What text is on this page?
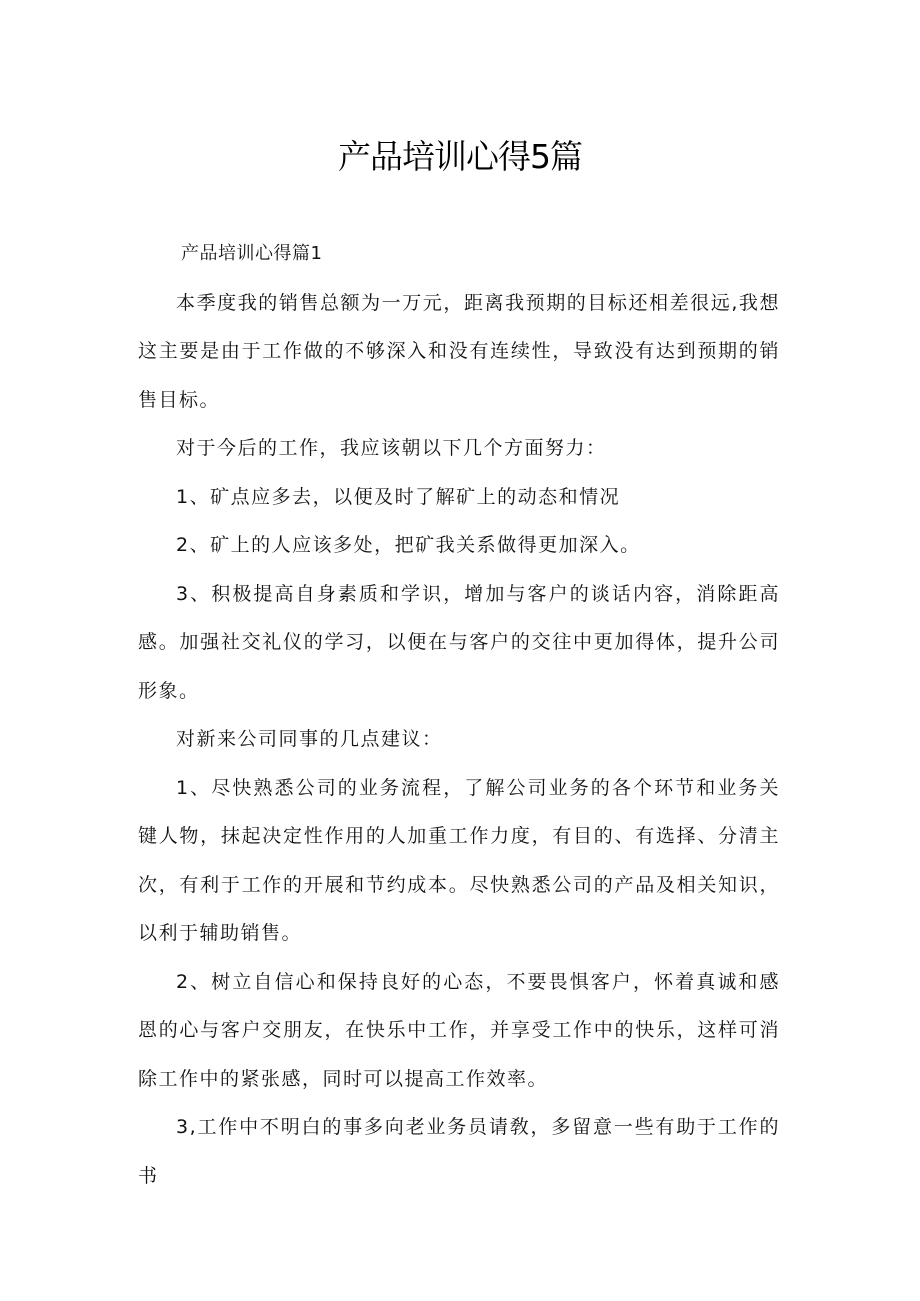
产品培训心得5篇

产品培训心得篇1

本季度我的销售总额为一万元，距离我预期的目标还相差很远,我想这主要是由于工作做的不够深入和没有连续性，导致没有达到预期的销售目标。

对于今后的工作，我应该朝以下几个方面努力：

1、矿点应多去，以便及时了解矿上的动态和情况

2、矿上的人应该多处，把矿我关系做得更加深入。

3、积极提高自身素质和学识，增加与客户的谈话内容，消除距高感。加强社交礼仪的学习，以便在与客户的交往中更加得体，提升公司形象。

对新来公司同事的几点建议：

1、尽快熟悉公司的业务流程，了解公司业务的各个环节和业务关键人物，抹起决定性作用的人加重工作力度，有目的、有选择、分清主次，有利于工作的开展和节约成本。尽快熟悉公司的产品及相关知识，以利于辅助销售。

2、树立自信心和保持良好的心态，不要畏惧客户，怀着真诚和感恩的心与客户交朋友，在快乐中工作，并享受工作中的快乐，这样可消除工作中的紧张感，同时可以提高工作效率。

3,工作中不明白的事多向老业务员请敎，多留意一些有助于工作的书
